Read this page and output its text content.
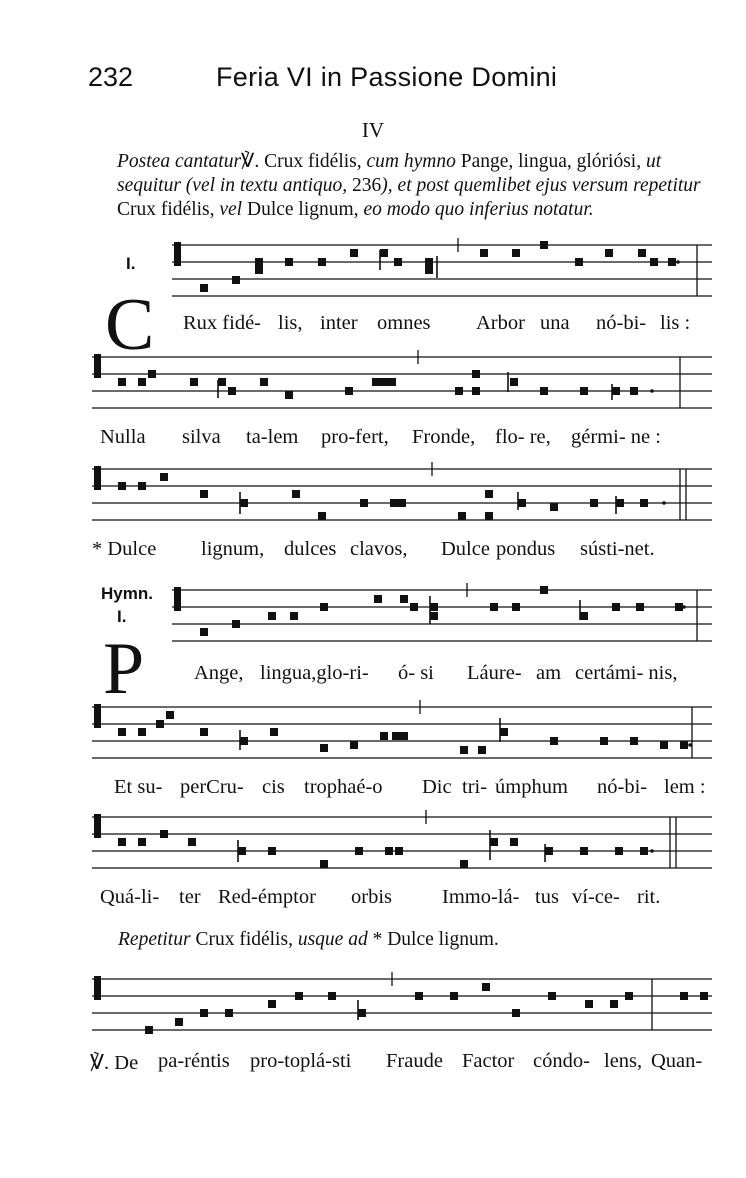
232	Feria VI in Passione Domini
IV
Postea cantatur℣. Crux fidélis, cum hymno Pange, lingua, glóriósi, ut sequitur (vel in textu antiquo, 236), et post quemlibet ejus versum repetitur Crux fidélis, vel Dulce lignum, eo modo quo inferius notatur.
I.
C Rux fidé- lis, inter omnes Arbor una nó-bi- lis :
Nulla silva ta-lem pro-fert, Fronde, flo- re, gérmi- ne :
* Dulce lignum, dulces clavos, Dulce pondus sústi-net.
Hymn.
I.
P Ange, lingua,glo-ri- ó- si Láure- am certámi- nis,
Et su- perCru- cis trophaé-o Dic tri- úmphum nó-bi- lem :
Quá-li- ter Red-émptor orbis Immo-lá- tus ví-ce- rit.
Repetitur Crux fidélis, usque ad * Dulce lignum.
℣. De pa-réntis pro-toplá-sti Fraude Factor cóndo- lens, Quan-
